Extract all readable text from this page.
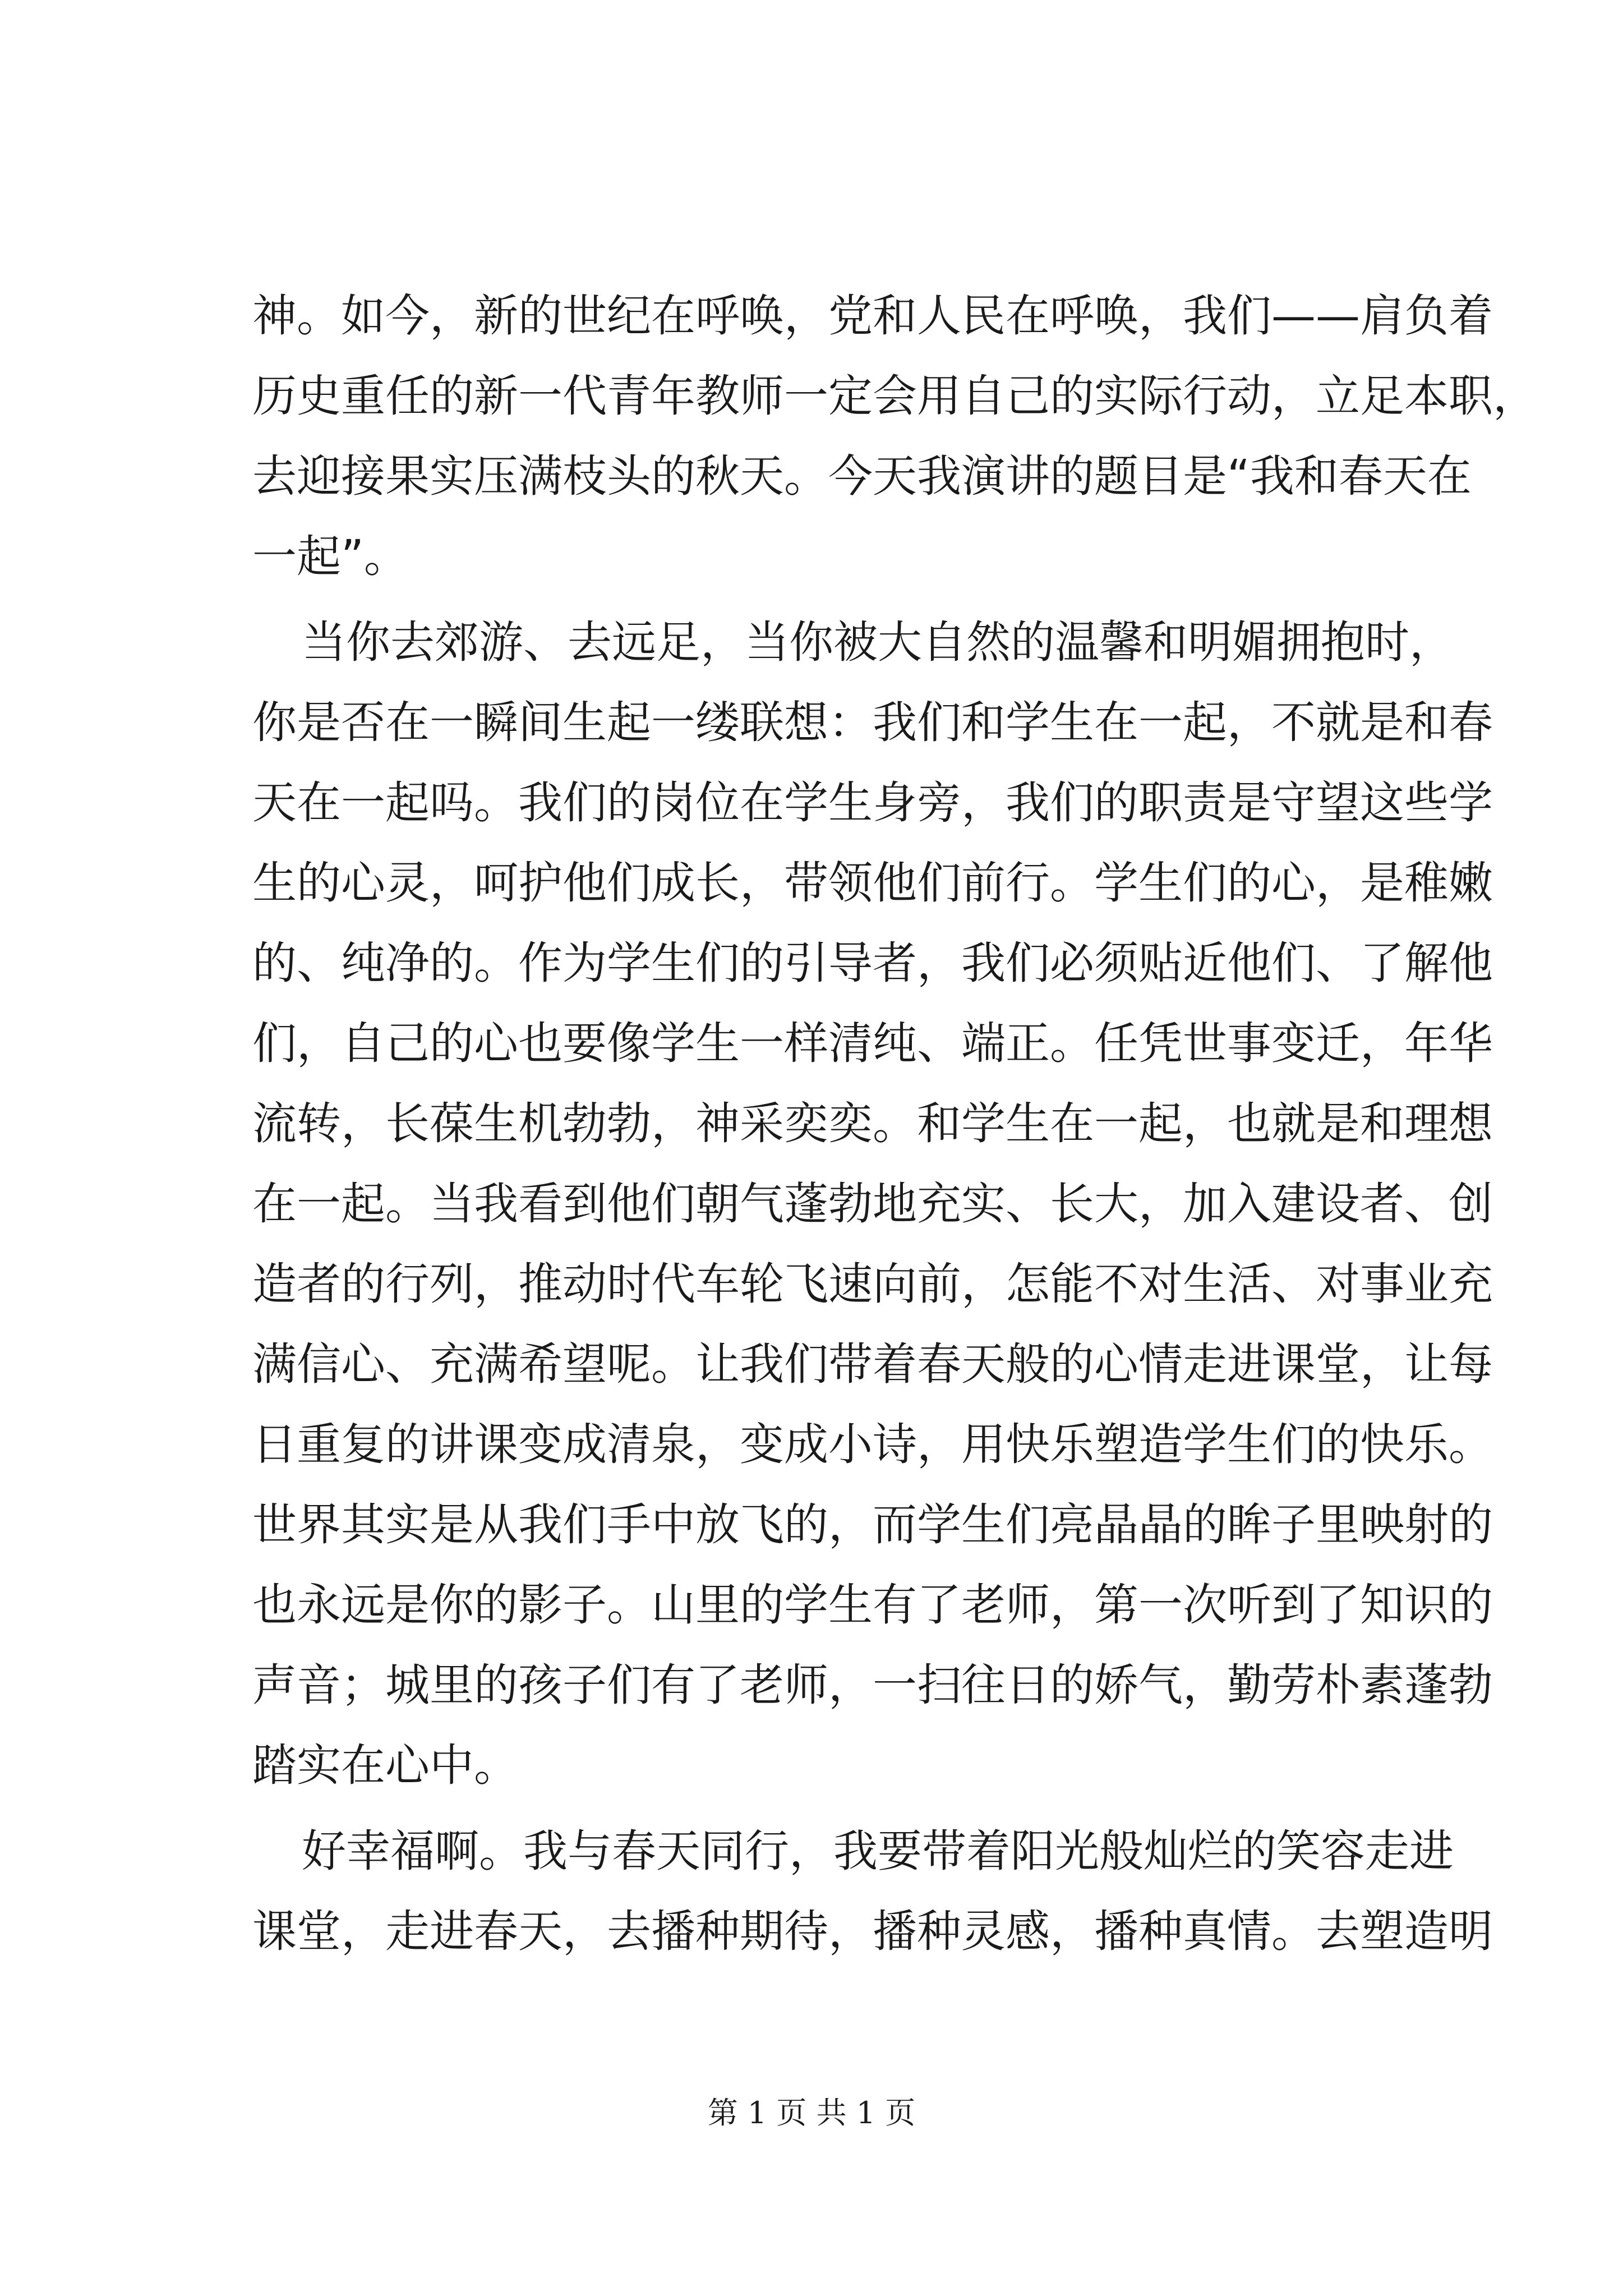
神。如今，新的世纪在呼唤，党和人民在呼唤，我们——肩负着
历史重任的新一代青年教师一定会用自己的实际行动，立足本职，
去迎接果实压满枝头的秋天。今天我演讲的题目是“我和春天在
一起”。
当你去郊游、去远足，当你被大自然的温馨和明媚拥抱时，
你是否在一瞬间生起一缕联想：我们和学生在一起，不就是和春
天在一起吗。我们的岗位在学生身旁，我们的职责是守望这些学
生的心灵，呵护他们成长，带领他们前行。学生们的心，是稚嫩
的、纯净的。作为学生们的引导者，我们必须贴近他们、了解他
们，自己的心也要像学生一样清纯、端正。任凭世事变迁，年华
流转，长葆生机勃勃，神采奕奕。和学生在一起，也就是和理想
在一起。当我看到他们朝气蓬勃地充实、长大，加入建设者、创
造者的行列，推动时代车轮飞速向前，怎能不对生活、对事业充
满信心、充满希望呢。让我们带着春天般的心情走进课堂，让每
日重复的讲课变成清泉，变成小诗，用快乐塑造学生们的快乐。
世界其实是从我们手中放飞的，而学生们亮晶晶的眸子里映射的
也永远是你的影子。山里的学生有了老师，第一次听到了知识的
声音；城里的孩子们有了老师，一扫往日的娇气，勤劳朴素蓬勃
踏实在心中。
好幸福啊。我与春天同行，我要带着阳光般灿烂的笑容走进
课堂，走进春天，去播种期待，播种灵感，播种真情。去塑造明
第 1 页 共 1 页
